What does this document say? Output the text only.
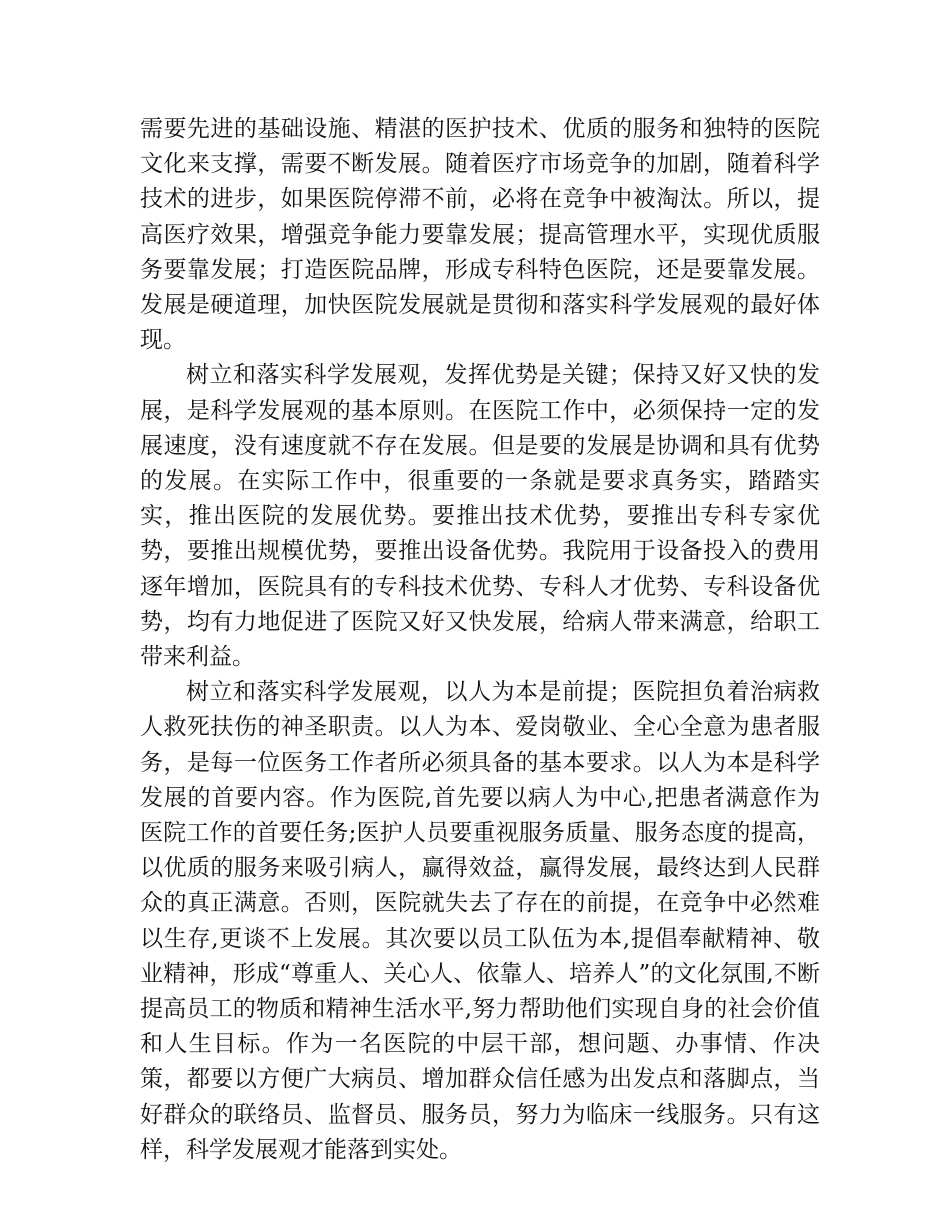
需要先进的基础设施、精湛的医护技术、优质的服务和独特的医院文化来支撑，需要不断发展。随着医疗市场竞争的加剧，随着科学技术的进步，如果医院停滞不前，必将在竞争中被淘汰。所以，提高医疗效果，增强竞争能力要靠发展；提高管理水平，实现优质服务要靠发展；打造医院品牌，形成专科特色医院，还是要靠发展。发展是硬道理，加快医院发展就是贯彻和落实科学发展观的最好体现。

树立和落实科学发展观，发挥优势是关键；保持又好又快的发展，是科学发展观的基本原则。在医院工作中，必须保持一定的发展速度，没有速度就不存在发展。但是要的发展是协调和具有优势的发展。在实际工作中，很重要的一条就是要求真务实，踏踏实实，推出医院的发展优势。要推出技术优势，要推出专科专家优势，要推出规模优势，要推出设备优势。我院用于设备投入的费用逐年增加，医院具有的专科技术优势、专科人才优势、专科设备优势，均有力地促进了医院又好又快发展，给病人带来满意，给职工带来利益。

树立和落实科学发展观，以人为本是前提；医院担负着治病救人救死扶伤的神圣职责。以人为本、爱岗敬业、全心全意为患者服务，是每一位医务工作者所必须具备的基本要求。以人为本是科学发展的首要内容。作为医院,首先要以病人为中心,把患者满意作为医院工作的首要任务;医护人员要重视服务质量、服务态度的提高，以优质的服务来吸引病人，赢得效益，赢得发展，最终达到人民群众的真正满意。否则，医院就失去了存在的前提，在竞争中必然难以生存,更谈不上发展。其次要以员工队伍为本,提倡奉献精神、敬业精神，形成“尊重人、关心人、依靠人、培养人”的文化氛围,不断提高员工的物质和精神生活水平,努力帮助他们实现自身的社会价值和人生目标。作为一名医院的中层干部，想问题、办事情、作决策，都要以方便广大病员、增加群众信任感为出发点和落脚点，当好群众的联络员、监督员、服务员，努力为临床一线服务。只有这样，科学发展观才能落到实处。
